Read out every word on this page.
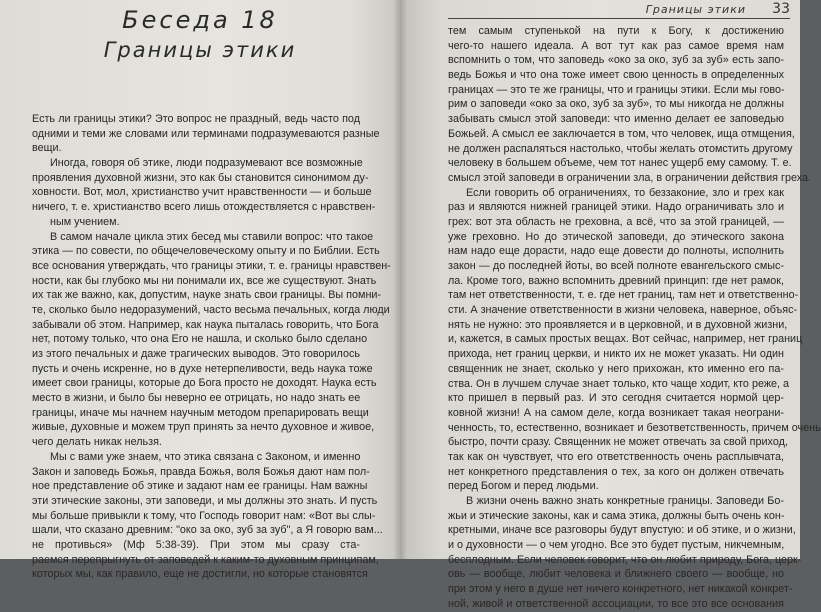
Беседа 18
Границы этики
Есть ли границы этики? Это вопрос не праздный, ведь часто под
одними и теми же словами или терминами подразумеваются разные
вещи.
Иногда, говоря об этике, люди подразумевают все возможные
проявления духовной жизни, это как бы становится синонимом ду-
ховности. Вот, мол, христианство учит нравственности — и больше
ничего, т. е. христианство всего лишь отождествляется с нравствен-
ным учением.
В самом начале цикла этих бесед мы ставили вопрос: что такое
этика — по совести, по общечеловеческому опыту и по Библии. Есть
все основания утверждать, что границы этики, т. е. границы нравствен-
ности, как бы глубоко мы ни понимали их, все же существуют. Знать
их так же важно, как, допустим, науке знать свои границы. Вы помни-
те, сколько было недоразумений, часто весьма печальных, когда люди
забывали об этом. Например, как наука пыталась говорить, что Бога
нет, потому только, что она Его не нашла, и сколько было сделано
из этого печальных и даже трагических выводов. Это говорилось
пусть и очень искренне, но в духе нетерпеливости, ведь наука тоже
имеет свои границы, которые до Бога просто не доходят. Наука есть
место в жизни, и было бы неверно ее отрицать, но надо знать ее
границы, иначе мы начнем научным методом препарировать вещи
живые, духовные и можем труп принять за нечто духовное и живое,
чего делать никак нельзя.
Мы с вами уже знаем, что этика связана с Законом, и именно
Закон и заповедь Божья, правда Божья, воля Божья дают нам пол-
ное представление об этике и задают нам ее границы. Нам важны
эти этические законы, эти заповеди, и мы должны это знать. И пусть
мы больше привыкли к тому, что Господь говорит нам: «Вот вы слы-
шали, что сказано древним: "око за око, зуб за зуб", а Я говорю вам...
не противься» (Мф 5:38-39). При этом мы сразу ста-
раемся перепрыгнуть от заповедей к каким-то духовным принципам,
которых мы, как правило, еще не достигли, но которые становятся
Границы этики 33
тем самым ступенькой на пути к Богу, к достижению
чего-то нашего идеала. А вот тут как раз самое время нам
вспомнить о том, что заповедь «око за око, зуб за зуб» есть запо-
ведь Божья и что она тоже имеет свою ценность в определенных
границах — это те же границы, что и границы этики. Если мы гово-
рим о заповеди «око за око, зуб за зуб», то мы никогда не должны
забывать смысл этой заповеди: что именно делает ее заповедью
Божьей. А смысл ее заключается в том, что человек, ища отмщения,
не должен распаляться настолько, чтобы желать отомстить другому
человеку в большем объеме, чем тот нанес ущерб ему самому. Т. е.
смысл этой заповеди в ограничении зла, в ограничении действия греха.
Если говорить об ограничениях, то беззаконие, зло и грех как
раз и являются нижней границей этики. Надо ограничивать зло и
грех: вот эта область не греховна, а всё, что за этой границей, —
уже греховно. Но до этической заповеди, до этического закона
нам надо еще дорасти, надо еще довести до полноты, исполнить
закон — до последней йоты, во всей полноте евангельского смыс-
ла. Кроме того, важно вспомнить древний принцип: где нет рамок,
там нет ответственности, т. е. где нет границ, там нет и ответственно-
сти. А значение ответственности в жизни человека, наверное, объяс-
нять не нужно: это проявляется и в церковной, и в духовной жизни,
и, кажется, в самых простых вещах. Вот сейчас, например, нет границ
прихода, нет границ церкви, и никто их не может указать. Ни один
священник не знает, сколько у него прихожан, кто именно его па-
ства. Он в лучшем случае знает только, кто чаще ходит, кто реже, а
кто пришел в первый раз. И это сегодня считается нормой цер-
ковной жизни! А на самом деле, когда возникает такая неограни-
ченность, то, естественно, возникает и безответственность, причем очень
быстро, почти сразу. Священник не может отвечать за свой приход,
так как он чувствует, что его ответственность очень расплывчата,
нет конкретного представления о тех, за кого он должен отвечать
перед Богом и перед людьми.
В жизни очень важно знать конкретные границы. Заповеди Бо-
жьи и этические законы, как и сама этика, должны быть очень кон-
кретными, иначе все разговоры будут впустую: и об этике, и о жизни,
и о духовности — о чем угодно. Все это будет пустым, никчемным,
бесплодным. Если человек говорит, что он любит природу, Бога, церк-
овь — вообще, любит человека и ближнего своего — вообще, но
при этом у него в душе нет ничего конкретного, нет никакой конкрет-
ной, живой и ответственной ассоциации, то все это все основания
